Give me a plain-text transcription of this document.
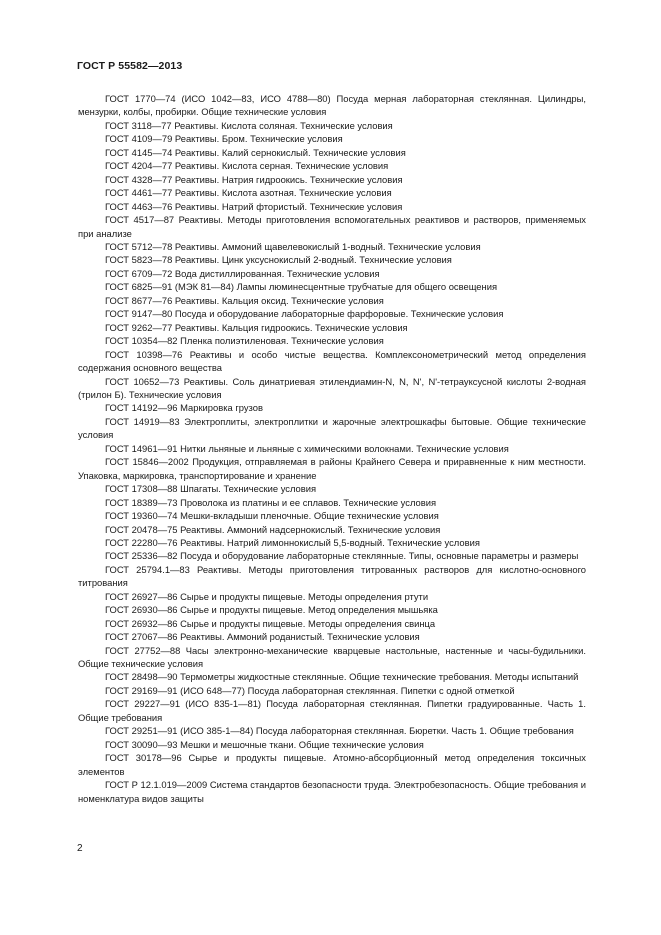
ГОСТ Р 55582—2013

ГОСТ 1770—74 (ИСО 1042—83, ИСО 4788—80) Посуда мерная лабораторная стеклянная. Цилиндры, мензурки, колбы, пробирки. Общие технические условия

ГОСТ 3118—77 Реактивы. Кислота соляная. Технические условия

ГОСТ 4109—79 Реактивы. Бром. Технические условия

ГОСТ 4145—74 Реактивы. Калий сернокислый. Технические условия

ГОСТ 4204—77 Реактивы. Кислота серная. Технические условия

ГОСТ 4328—77 Реактивы. Натрия гидроокись. Технические условия

ГОСТ 4461—77 Реактивы. Кислота азотная. Технические условия

ГОСТ 4463—76 Реактивы. Натрий фтористый. Технические условия

ГОСТ 4517—87 Реактивы. Методы приготовления вспомогательных реактивов и растворов, применяемых при анализе

ГОСТ 5712—78 Реактивы. Аммоний щавелевокислый 1-водный. Технические условия

ГОСТ 5823—78 Реактивы. Цинк уксуснокислый 2-водный. Технические условия

ГОСТ 6709—72 Вода дистиллированная. Технические условия

ГОСТ 6825—91 (МЭК 81—84) Лампы люминесцентные трубчатые для общего освещения

ГОСТ 8677—76 Реактивы. Кальция оксид. Технические условия

ГОСТ 9147—80 Посуда и оборудование лабораторные фарфоровые. Технические условия

ГОСТ 9262—77 Реактивы. Кальция гидроокись. Технические условия

ГОСТ 10354—82 Пленка полиэтиленовая. Технические условия

ГОСТ 10398—76 Реактивы и особо чистые вещества. Комплексонометрический метод определения содержания основного вещества

ГОСТ 10652—73 Реактивы. Соль динатриевая этилендиамин-N, N, N', N'-тетрауксусной кислоты 2-водная (трилон Б). Технические условия

ГОСТ 14192—96 Маркировка грузов

ГОСТ 14919—83 Электроплиты, электроплитки и жарочные электрошкафы бытовые. Общие технические условия

ГОСТ 14961—91 Нитки льняные и льняные с химическими волокнами. Технические условия

ГОСТ 15846—2002 Продукция, отправляемая в районы Крайнего Севера и приравненные к ним местности. Упаковка, маркировка, транспортирование и хранение

ГОСТ 17308—88 Шпагаты. Технические условия

ГОСТ 18389—73 Проволока из платины и ее сплавов. Технические условия

ГОСТ 19360—74 Мешки-вкладыши пленочные. Общие технические условия

ГОСТ 20478—75 Реактивы. Аммоний надсернокислый. Технические условия

ГОСТ 22280—76 Реактивы. Натрий лимоннокислый 5,5-водный. Технические условия

ГОСТ 25336—82 Посуда и оборудование лабораторные стеклянные. Типы, основные параметры и размеры

ГОСТ 25794.1—83 Реактивы. Методы приготовления титрованных растворов для кислотно-основного титрования

ГОСТ 26927—86 Сырье и продукты пищевые. Методы определения ртути

ГОСТ 26930—86 Сырье и продукты пищевые. Метод определения мышьяка

ГОСТ 26932—86 Сырье и продукты пищевые. Методы определения свинца

ГОСТ 27067—86 Реактивы. Аммоний роданистый. Технические условия

ГОСТ 27752—88 Часы электронно-механические кварцевые настольные, настенные и часы-будильники. Общие технические условия

ГОСТ 28498—90 Термометры жидкостные стеклянные. Общие технические требования. Методы испытаний

ГОСТ 29169—91 (ИСО 648—77) Посуда лабораторная стеклянная. Пипетки с одной отметкой

ГОСТ 29227—91 (ИСО 835-1—81) Посуда лабораторная стеклянная. Пипетки градуированные. Часть 1. Общие требования

ГОСТ 29251—91 (ИСО 385-1—84) Посуда лабораторная стеклянная. Бюретки. Часть 1. Общие требования

ГОСТ 30090—93 Мешки и мешочные ткани. Общие технические условия

ГОСТ 30178—96 Сырье и продукты пищевые. Атомно-абсорбционный метод определения токсичных элементов

ГОСТ Р 12.1.019—2009 Система стандартов безопасности труда. Электробезопасность. Общие требования и номенклатура видов защиты

2
